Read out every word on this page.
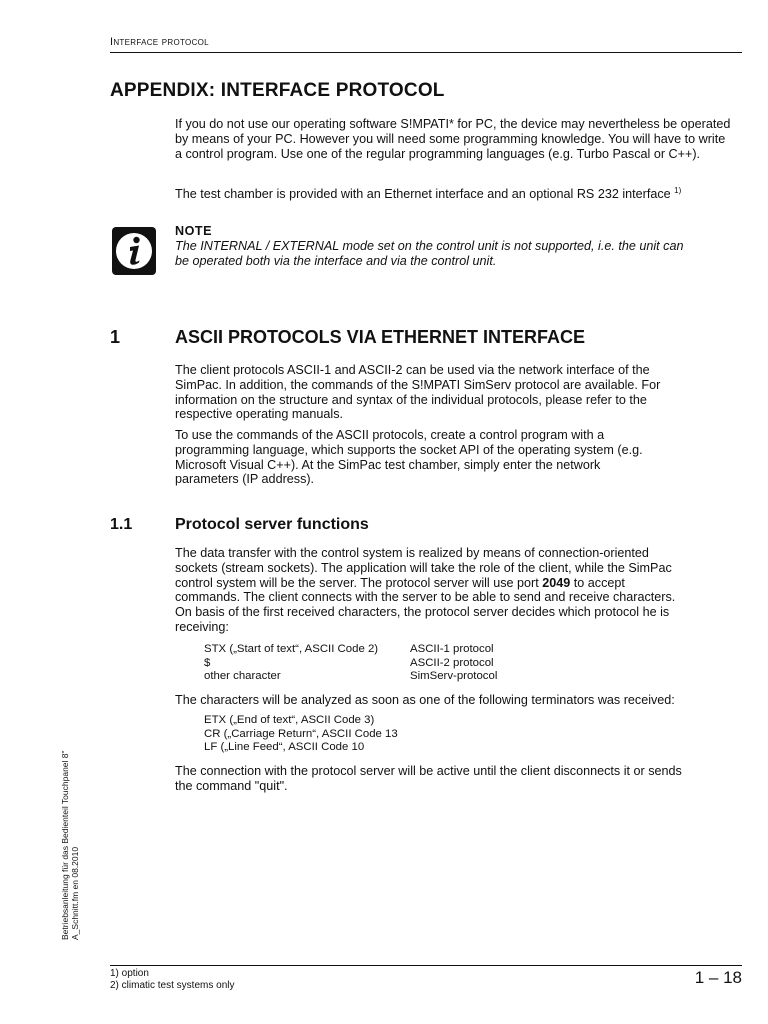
Interface protocol
APPENDIX: INTERFACE PROTOCOL

If you do not use our operating software S!MPATI* for PC, the device may nevertheless be operated by means of your PC. However you will need some programming knowledge. You will have to write a control program. Use one of the regular programming languages (e.g. Turbo Pascal or C++).

The test chamber is provided with an Ethernet interface and an optional RS 232 interface $^{1)}$
NOTE
The INTERNAL / EXTERNAL mode set on the control unit is not supported, i.e. the unit can be operated both via the interface and via the control unit.
1	ASCII PROTOCOLS VIA ETHERNET INTERFACE

The client protocols ASCII-1 and ASCII-2 can be used via the network interface of the SimPac. In addition, the commands of the S!MPATI SimServ protocol are available. For information on the structure and syntax of the individual protocols, please refer to the respective operating manuals.

To use the commands of the ASCII protocols, create a control program with a programming language, which supports the socket API of the operating system (e.g. Microsoft Visual C++). At the SimPac test chamber, simply enter the network parameters (IP address).

1.1	Protocol server functions
The data transfer with the control system is realized by means of connection-oriented sockets (stream sockets). The application will take the role of the client, while the SimPac control system will be the server. The protocol server will use port 2049 to accept commands. The client connects with the server to be able to send and receive characters. On basis of the first received characters, the protocol server decides which protocol he is receiving:
STX („Start of text“, ASCII Code 2)	ASCII-1 protocol
$	ASCII-2 protocol
other character	SimServ-protocol

The characters will be analyzed as soon as one of the following terminators was received:

ETX („End of text“, ASCII Code 3)
CR („Carriage Return“, ASCII Code 13
LF („Line Feed“, ASCII Code 10

The connection with the protocol server will be active until the client disconnects it or sends the command "quit".

Betriebsanleitung für das Bedienteil Touchpanel 8" A_Schnitt.fm en 08.2010
1) option
2) climatic test systems only	1 – 18
